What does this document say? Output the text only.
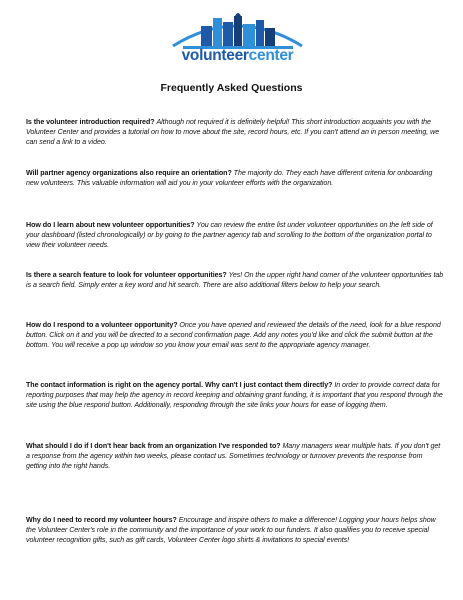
volunteercenter
Frequently Asked Questions
Is the volunteer introduction required? Although not required it is definitely helpful! This short introduction acquaints you with the Volunteer Center and provides a tutorial on how to move about the site, record hours, etc. If you can't attend an in person meeting, we can send a link to a video.
Will partner agency organizations also require an orientation? The majority do. They each have different criteria for onboarding new volunteers. This valuable information will aid you in your volunteer efforts with the organization.
How do I learn about new volunteer opportunities? You can review the entire list under volunteer opportunities on the left side of your dashboard (listed chronologically) or by going to the partner agency tab and scrolling to the bottom of the organization portal to view their volunteer needs.
Is there a search feature to look for volunteer opportunities? Yes! On the upper right hand corner of the volunteer opportunities tab is a search field. Simply enter a key word and hit search. There are also additional filters below to help your search.
How do I respond to a volunteer opportunity? Once you have opened and reviewed the details of the need, look for a blue respond button. Click on it and you will be directed to a second confirmation page. Add any notes you'd like and click the submit button at the bottom. You will receive a pop up window so you know your email was sent to the appropriate agency manager.
The contact information is right on the agency portal. Why can't I just contact them directly? In order to provide correct data for reporting purposes that may help the agency in record keeping and obtaining grant funding, it is important that you respond through the site using the blue respond button. Additionally, responding through the site links your hours for ease of logging them.
What should I do if I don't hear back from an organization I've responded to? Many managers wear multiple hats. If you don't get a response from the agency within two weeks, please contact us. Sometimes technology or turnover prevents the response from getting into the right hands.
Why do I need to record my volunteer hours? Encourage and inspire others to make a difference! Logging your hours helps show the Volunteer Center's role in the community and the importance of your work to our funders. It also qualifies you to receive special volunteer recognition gifts, such as gift cards, Volunteer Center logo shirts & invitations to special events!
